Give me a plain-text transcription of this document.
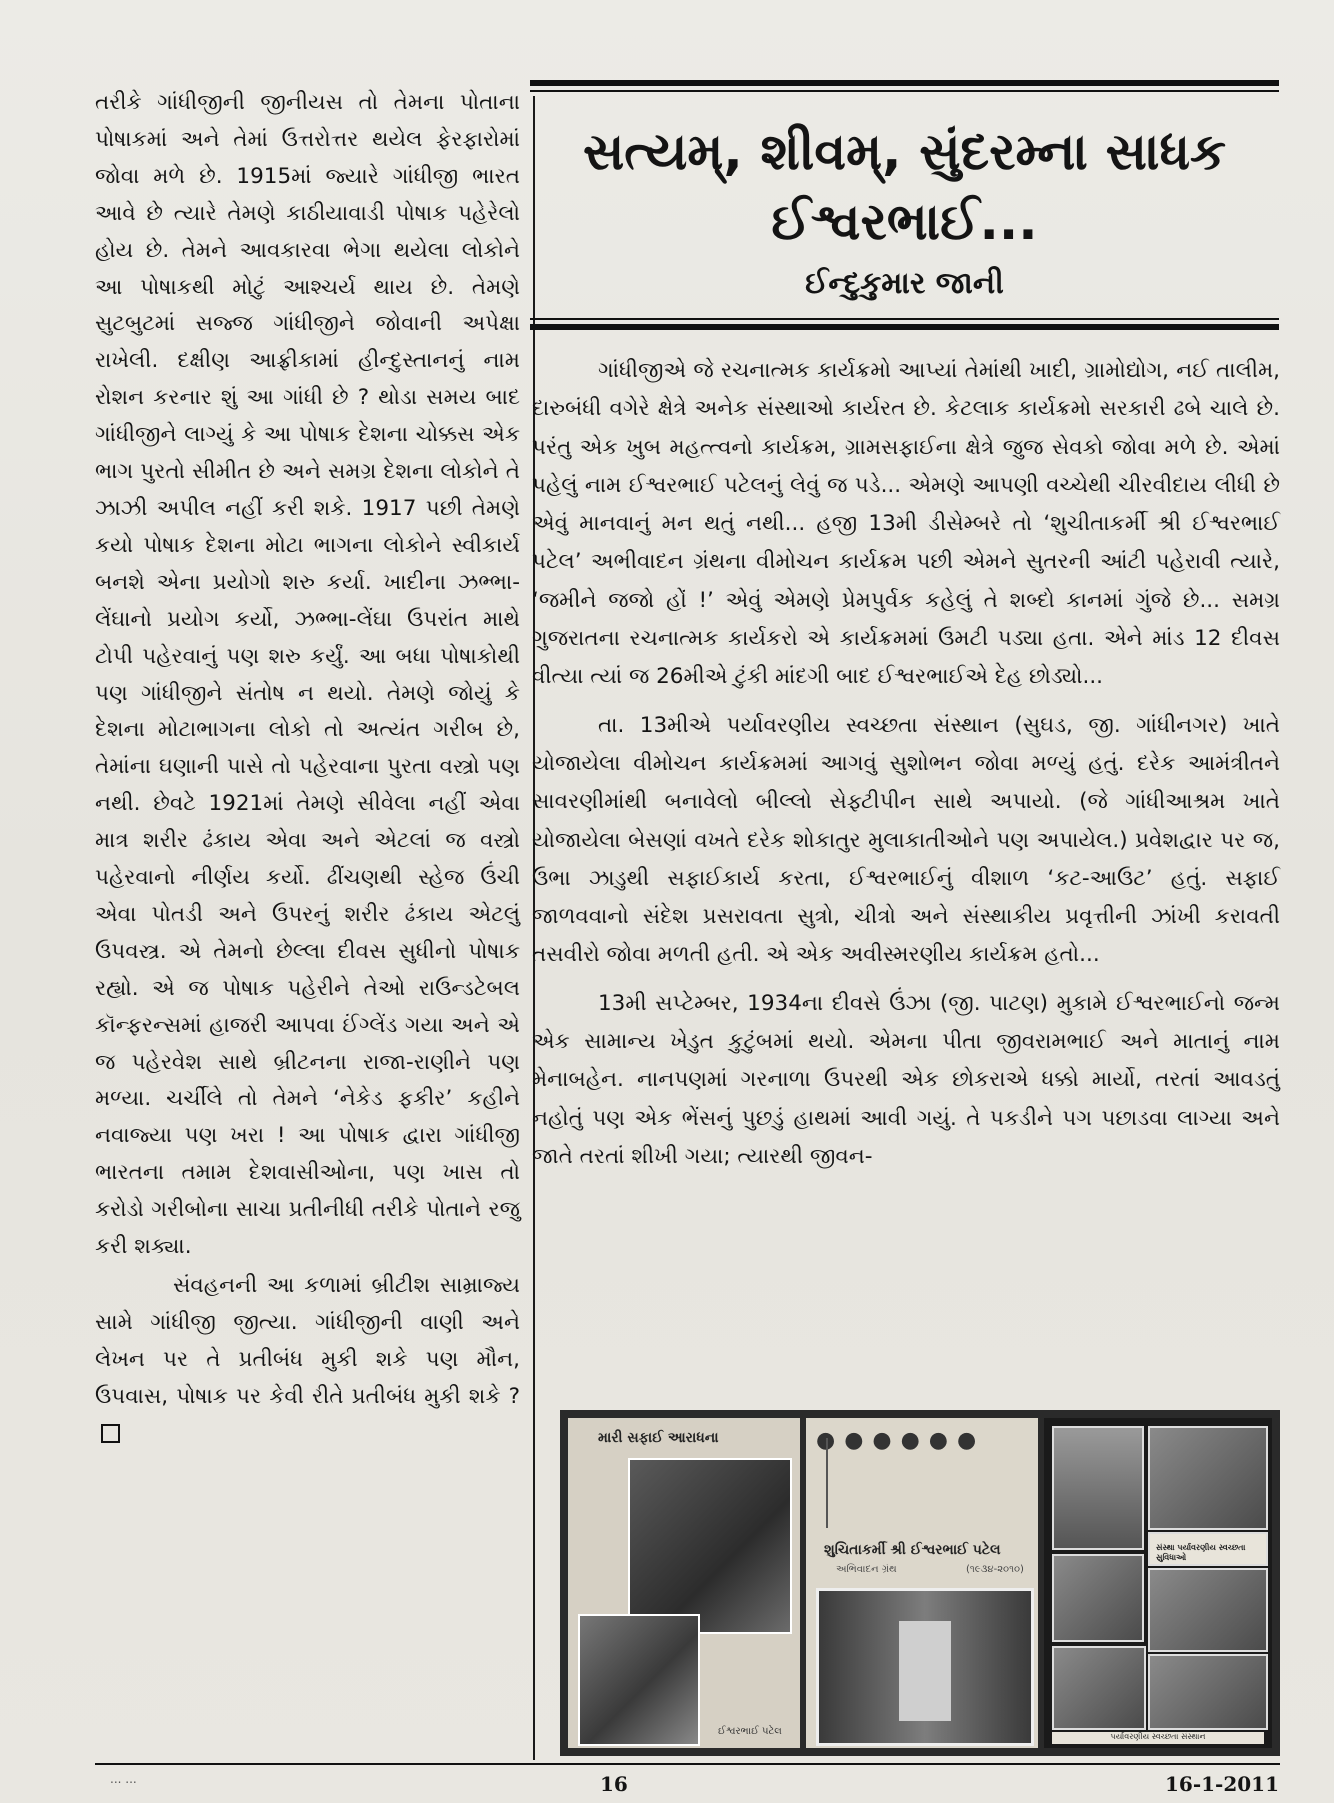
તરીકે ગાંધીજીની જીનીયસ તો તેમના પોતાના પોષાકમાં અને તેમાં ઉત્તરોત્તર થયેલ ફેરફારોમાં જોવા મળે છે. 1915માં જ્યારે ગાંધીજી ભારત આવે છે ત્યારે તેમણે કાઠીયાવાડી પોષાક પહેરેલો હોય છે. તેમને આવકારવા ભેગા થયેલા લોકોને આ પોષાકથી મોટું આશ્ચર્ય થાય છે. તેમણે સુટબુટમાં સજ્જ ગાંધીજીને જોવાની અપેક્ષા રાખેલી. દક્ષીણ આફ્રીકામાં હીન્દુસ્તાનનું નામ રોશન કરનાર શું આ ગાંધી છે ? થોડા સમય બાદ ગાંધીજીને લાગ્યું કે આ પોષાક દેશના ચોક્કસ એક ભાગ પુરતો સીમીત છે અને સમગ્ર દેશના લોકોને તે ઝાઝી અપીલ નહીં કરી શકે. 1917 પછી તેમણે કયો પોષાક દેશના મોટા ભાગના લોકોને સ્વીકાર્ય બનશે એના પ્રયોગો શરુ કર્યા. ખાદીના ઝભ્ભા-લેંઘાનો પ્રયોગ કર્યો, ઝભ્ભા-લેંઘા ઉપરાંત માથે ટોપી પહેરવાનું પણ શરુ કર્યું. આ બધા પોષાકોથી પણ ગાંધીજીને સંતોષ ન થયો. તેમણે જોયું કે દેશના મોટાભાગના લોકો તો અત્યંત ગરીબ છે, તેમાંના ઘણાની પાસે તો પહેરવાના પુરતા વસ્ત્રો પણ નથી. છેવટે 1921માં તેમણે સીવેલા નહીં એવા માત્ર શરીર ઢંકાય એવા અને એટલાં જ વસ્ત્રો પહેરવાનો નીર્ણય કર્યો. ઢીંચણથી સ્હેજ ઉંચી એવા પોતડી અને ઉપરનું શરીર ઢંકાય એટલું ઉપવસ્ત્ર. એ તેમનો છેલ્લા દીવસ સુધીનો પોષાક રહ્યો. એ જ પોષાક પહેરીને તેઓ રાઉન્ડટેબલ કૉન્ફરન્સમાં હાજરી આપવા ઈંગ્લેંડ ગયા અને એ જ પહેરવેશ સાથે બ્રીટનના રાજા-રાણીને પણ મળ્યા. ચર્ચીલે તો તેમને ‘નેકેડ ફકીર’ કહીને નવાજ્યા પણ ખરા ! આ પોષાક દ્વારા ગાંધીજી ભારતના તમામ દેશવાસીઓના, પણ ખાસ તો કરોડો ગરીબોના સાચા પ્રતીનીધી તરીકે પોતાને રજુ કરી શક્યા.

સંવહનની આ કળામાં બ્રીટીશ સામ્રાજ્ય સામે ગાંધીજી જીત્યા. ગાંધીજીની વાણી અને લેખન પર તે પ્રતીબંધ મુકી શકે પણ મૌન, ઉપવાસ, પોષાક પર કેવી રીતે પ્રતીબંધ મુકી શકે ?

સત્યમ્, શીવમ્, સુંદરમ્ના સાધક
ઈશ્વરભાઈ...
ઈન્દુકુમાર જાની

ગાંધીજીએ જે રચનાત્મક કાર્યક્રમો આપ્યાં તેમાંથી ખાદી, ગ્રામોદ્યોગ, નઈ તાલીમ, દારુબંધી વગેરે ક્ષેત્રે અનેક સંસ્થાઓ કાર્યરત છે. કેટલાક કાર્યક્રમો સરકારી ઢબે ચાલે છે. પરંતુ એક ખુબ મહત્ત્વનો કાર્યક્રમ, ગ્રામસફાઈના ક્ષેત્રે જુજ સેવકો જોવા મળે છે. એમાં પહેલું નામ ઈશ્વરભાઈ પટેલનું લેવું જ પડે... એમણે આપણી વચ્ચેથી ચીરવીદાય લીધી છે એવું માનવાનું મન થતું નથી... હજી 13મી ડીસેમ્બરે તો ‘શુચીતાકર્મી શ્રી ઈશ્વરભાઈ પટેલ’ અભીવાદન ગ્રંથના વીમોચન કાર્યક્રમ પછી એમને સુતરની આંટી પહેરાવી ત્યારે, ‘જમીને જજો હોં !’ એવું એમણે પ્રેમપુર્વક કહેલું તે શબ્દો કાનમાં ગુંજે છે... સમગ્ર ગુજરાતના રચનાત્મક કાર્યકરો એ કાર્યક્રમમાં ઉમટી પડ્યા હતા. એને માંડ 12 દીવસ વીત્યા ત્યાં જ 26મીએ ટુંકી માંદગી બાદ ઈશ્વરભાઈએ દેહ છોડ્યો...

તા. 13મીએ પર્યાવરણીય સ્વચ્છતા સંસ્થાન (સુઘડ, જી. ગાંધીનગર) ખાતે યોજાયેલા વીમોચન કાર્યક્રમમાં આગવું સુશોભન જોવા મળ્યું હતું. દરેક આમંત્રીતને સાવરણીમાંથી બનાવેલો બીલ્લો સેફ્ટીપીન સાથે અપાયો. (જે ગાંધીઆશ્રમ ખાતે યોજાયેલા બેસણાં વખતે દરેક શોકાતુર મુલાકાતીઓને પણ અપાયેલ.) પ્રવેશદ્વાર પર જ, ઉભા ઝાડુથી સફાઈકાર્ય કરતા, ઈશ્વરભાઈનું વીશાળ ‘કટ-આઉટ’ હતું. સફાઈ જાળવવાનો સંદેશ પ્રસરાવતા સુત્રો, ચીત્રો અને સંસ્થાકીય પ્રવૃત્તીની ઝાંખી કરાવતી તસવીરો જોવા મળતી હતી. એ એક અવીસ્મરણીય કાર્યક્રમ હતો...

13મી સપ્ટેમ્બર, 1934ના દીવસે ઉંઝા (જી. પાટણ) મુકામે ઈશ્વરભાઈનો જન્મ એક સામાન્ય ખેડુત કુટુંબમાં થયો. એમના પીતા જીવરામભાઈ અને માતાનું નામ મેનાબહેન. નાનપણમાં ગરનાળા ઉપરથી એક છોકરાએ ધક્કો માર્યો, તરતાં આવડતું નહોતું પણ એક ભેંસનું પુછડું હાથમાં આવી ગયું. તે પકડીને પગ પછાડવા લાગ્યા અને જાતે તરતાં શીખી ગયા; ત્યારથી જીવન-

મારી સફાઈ આરાધના
ઈશ્વરભાઈ પટેલ
● ● ● ● ● ●
શુચિતાકર્મી શ્રી ઈશ્વરભાઈ પટેલ
અભિવાદન ગ્રંથ	(૧૯૩૪-૨૦૧૦)
સંસ્થા પર્યાવરણીય સ્વચ્છતા સુવિધાઓ
પર્યાવરણીય સ્વચ્છતા સંસ્થાન
... ...	16	16-1-2011
